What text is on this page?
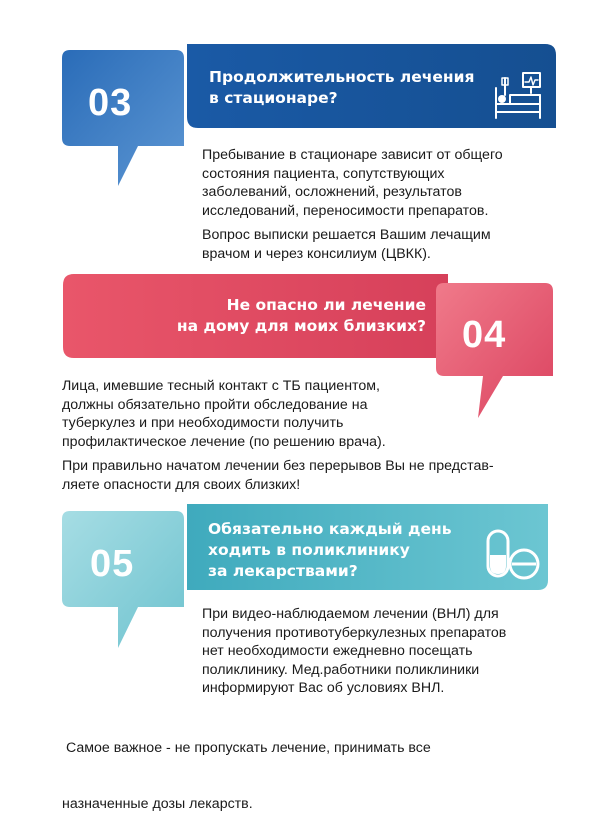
03
Продолжительность лечения
в стационаре?
Пребывание в стационаре зависит от общего
состояния пациента, сопутствующих
заболеваний, осложнений, результатов
исследований, переносимости препаратов.
Вопрос выписки решается Вашим лечащим
врачом и через консилиум (ЦВКК).
04
Не опасно ли лечение
на дому для моих близких?
Лица, имевшие тесный контакт с ТБ пациентом,
должны обязательно пройти обследование на
туберкулез и при необходимости получить
профилактическое лечение (по решению врача).
При правильно начатом лечении без перерывов Вы не представ-
ляете опасности для своих близких!
05
Обязательно каждый день
ходить в поликлинику
за лекарствами?
При видео-наблюдаемом лечении (ВНЛ) для
получения противотуберкулезных препаратов
нет необходимости ежедневно посещать
поликлинику. Мед.работники поликлиники
информируют Вас об условиях ВНЛ.

Самое важное - не пропускать лечение, принимать все

назначенные дозы лекарств.
